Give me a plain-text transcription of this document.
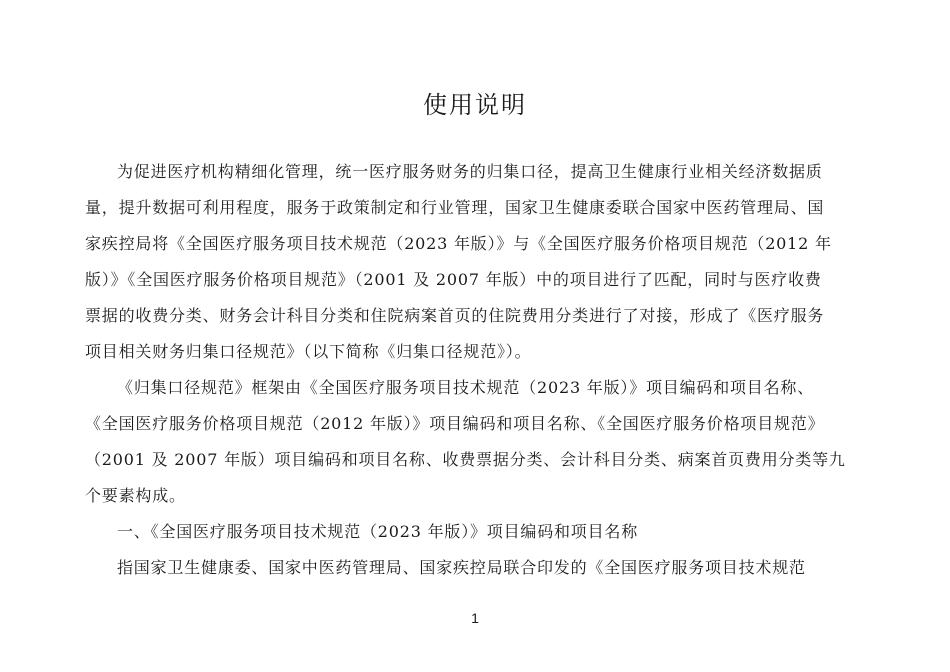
使用说明
为促进医疗机构精细化管理，统一医疗服务财务的归集口径，提高卫生健康行业相关经济数据质
量，提升数据可利用程度，服务于政策制定和行业管理，国家卫生健康委联合国家中医药管理局、国
家疾控局将《全国医疗服务项目技术规范（2023 年版）》与《全国医疗服务价格项目规范（2012 年
版）》《全国医疗服务价格项目规范》（2001 及 2007 年版）中的项目进行了匹配，同时与医疗收费
票据的收费分类、财务会计科目分类和住院病案首页的住院费用分类进行了对接，形成了《医疗服务
项目相关财务归集口径规范》（以下简称《归集口径规范》）。
《归集口径规范》框架由《全国医疗服务项目技术规范（2023 年版）》项目编码和项目名称、
《全国医疗服务价格项目规范（2012 年版）》项目编码和项目名称、《全国医疗服务价格项目规范》
（2001 及 2007 年版）项目编码和项目名称、收费票据分类、会计科目分类、病案首页费用分类等九
个要素构成。
一、《全国医疗服务项目技术规范（2023 年版）》项目编码和项目名称
指国家卫生健康委、国家中医药管理局、国家疾控局联合印发的《全国医疗服务项目技术规范
1
